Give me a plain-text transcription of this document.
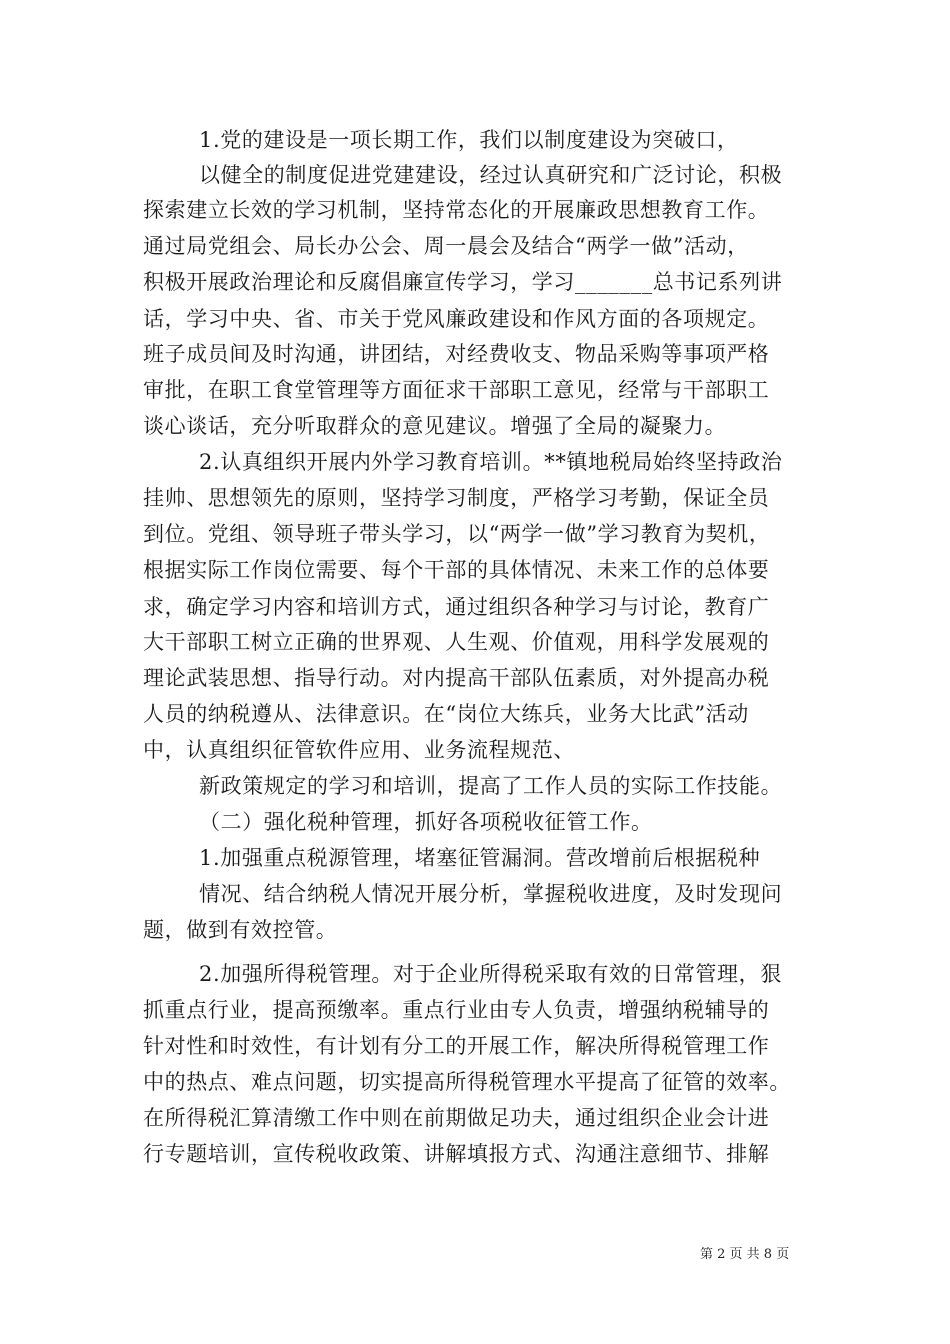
1.党的建设是一项长期工作，我们以制度建设为突破口，
以健全的制度促进党建建设，经过认真研究和广泛讨论，积极
探索建立长效的学习机制，坚持常态化的开展廉政思想教育工作。
通过局党组会、局长办公会、周一晨会及结合“两学一做”活动，
积极开展政治理论和反腐倡廉宣传学习，学习_______总书记系列讲
话，学习中央、省、市关于党风廉政建设和作风方面的各项规定。
班子成员间及时沟通，讲团结，对经费收支、物品采购等事项严格
审批，在职工食堂管理等方面征求干部职工意见，经常与干部职工
谈心谈话，充分听取群众的意见建议。增强了全局的凝聚力。
2.认真组织开展内外学习教育培训。**镇地税局始终坚持政治
挂帅、思想领先的原则，坚持学习制度，严格学习考勤，保证全员
到位。党组、领导班子带头学习，以“两学一做”学习教育为契机，
根据实际工作岗位需要、每个干部的具体情况、未来工作的总体要
求，确定学习内容和培训方式，通过组织各种学习与讨论，教育广
大干部职工树立正确的世界观、人生观、价值观，用科学发展观的
理论武装思想、指导行动。对内提高干部队伍素质，对外提高办税
人员的纳税遵从、法律意识。在“岗位大练兵，业务大比武”活动
中，认真组织征管软件应用、业务流程规范、
新政策规定的学习和培训，提高了工作人员的实际工作技能。
（二）强化税种管理，抓好各项税收征管工作。
1.加强重点税源管理，堵塞征管漏洞。营改增前后根据税种
情况、结合纳税人情况开展分析，掌握税收进度，及时发现问
题，做到有效控管。
2.加强所得税管理。对于企业所得税采取有效的日常管理，狠
抓重点行业，提高预缴率。重点行业由专人负责，增强纳税辅导的
针对性和时效性，有计划有分工的开展工作，解决所得税管理工作
中的热点、难点问题，切实提高所得税管理水平提高了征管的效率。
在所得税汇算清缴工作中则在前期做足功夫，通过组织企业会计进
行专题培训，宣传税收政策、讲解填报方式、沟通注意细节、排解
第 2 页 共 8 页
